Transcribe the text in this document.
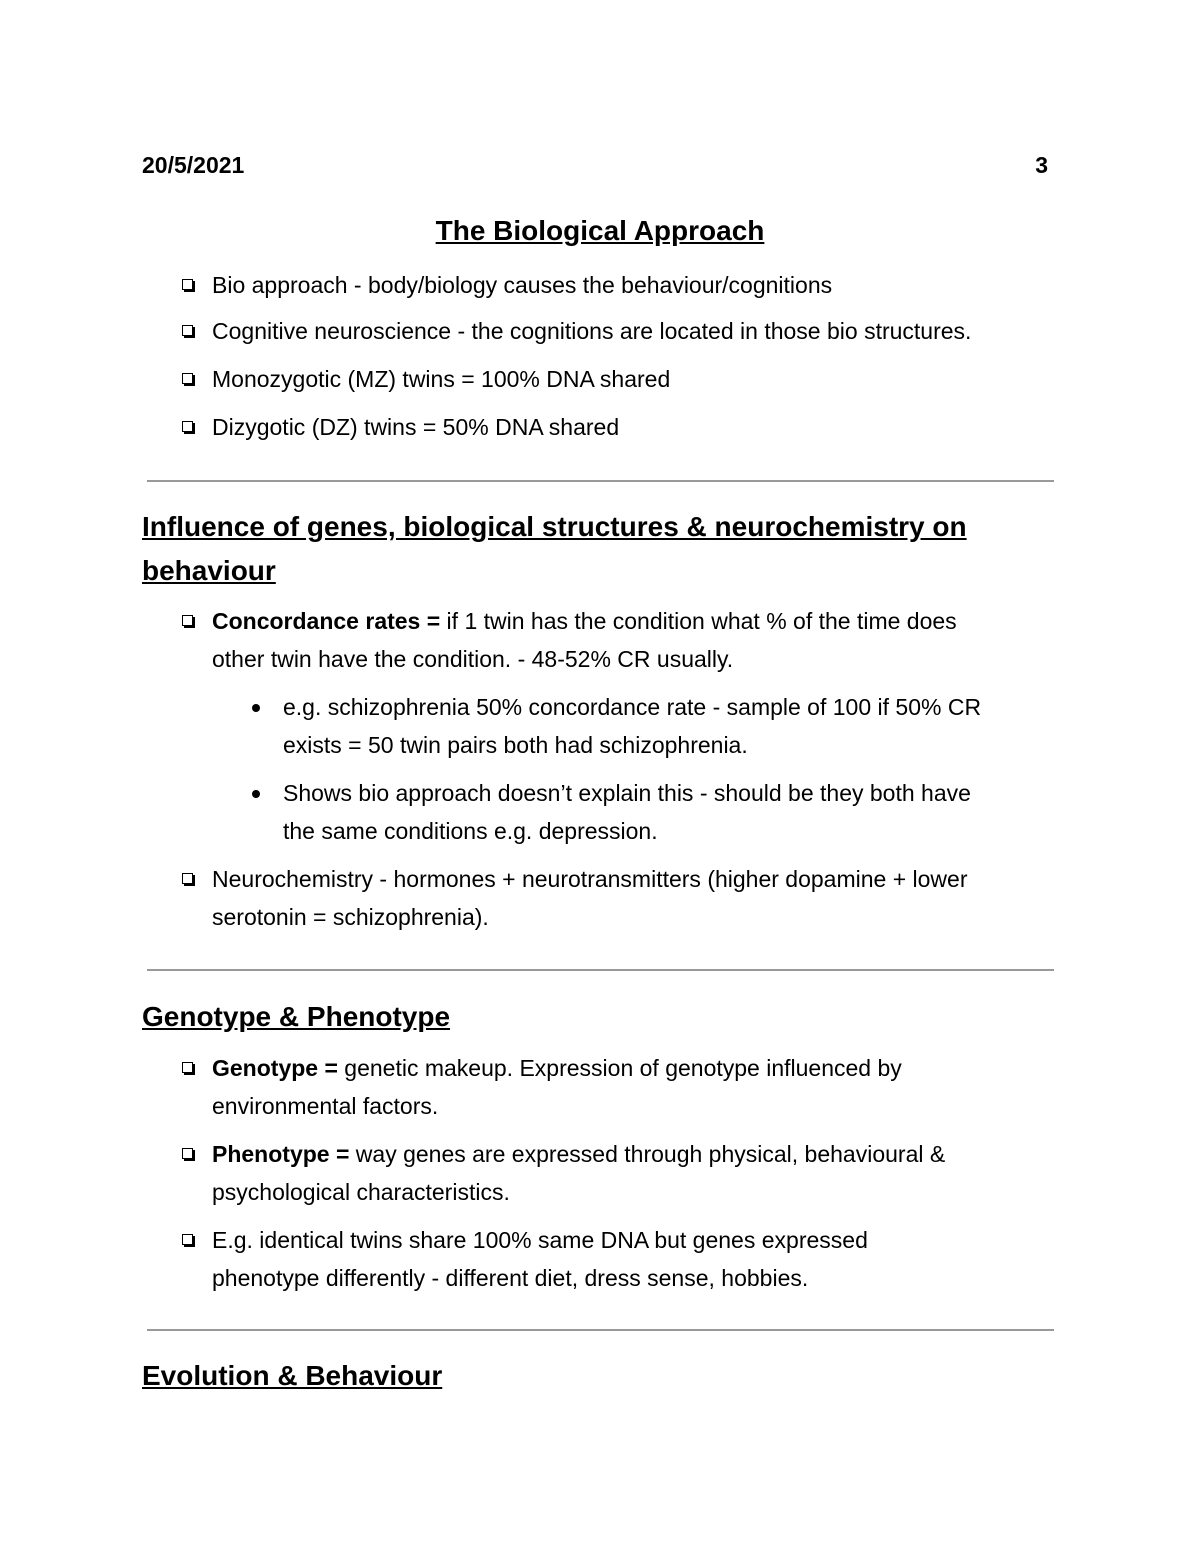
20/5/2021	3
The Biological Approach
Bio approach - body/biology causes the behaviour/cognitions
Cognitive neuroscience - the cognitions are located in those bio structures.
Monozygotic (MZ) twins = 100% DNA shared
Dizygotic (DZ) twins = 50% DNA shared
Influence of genes, biological structures & neurochemistry on
behaviour
Concordance rates = if 1 twin has the condition what % of the time does
other twin have the condition. - 48-52% CR usually.
e.g. schizophrenia 50% concordance rate - sample of 100 if 50% CR
exists = 50 twin pairs both had schizophrenia.
Shows bio approach doesn’t explain this - should be they both have
the same conditions e.g. depression.
Neurochemistry - hormones + neurotransmitters (higher dopamine + lower
serotonin = schizophrenia).
Genotype & Phenotype
Genotype = genetic makeup. Expression of genotype influenced by
environmental factors.
Phenotype = way genes are expressed through physical, behavioural &
psychological characteristics.
E.g. identical twins share 100% same DNA but genes expressed
phenotype differently - different diet, dress sense, hobbies.
Evolution & Behaviour
